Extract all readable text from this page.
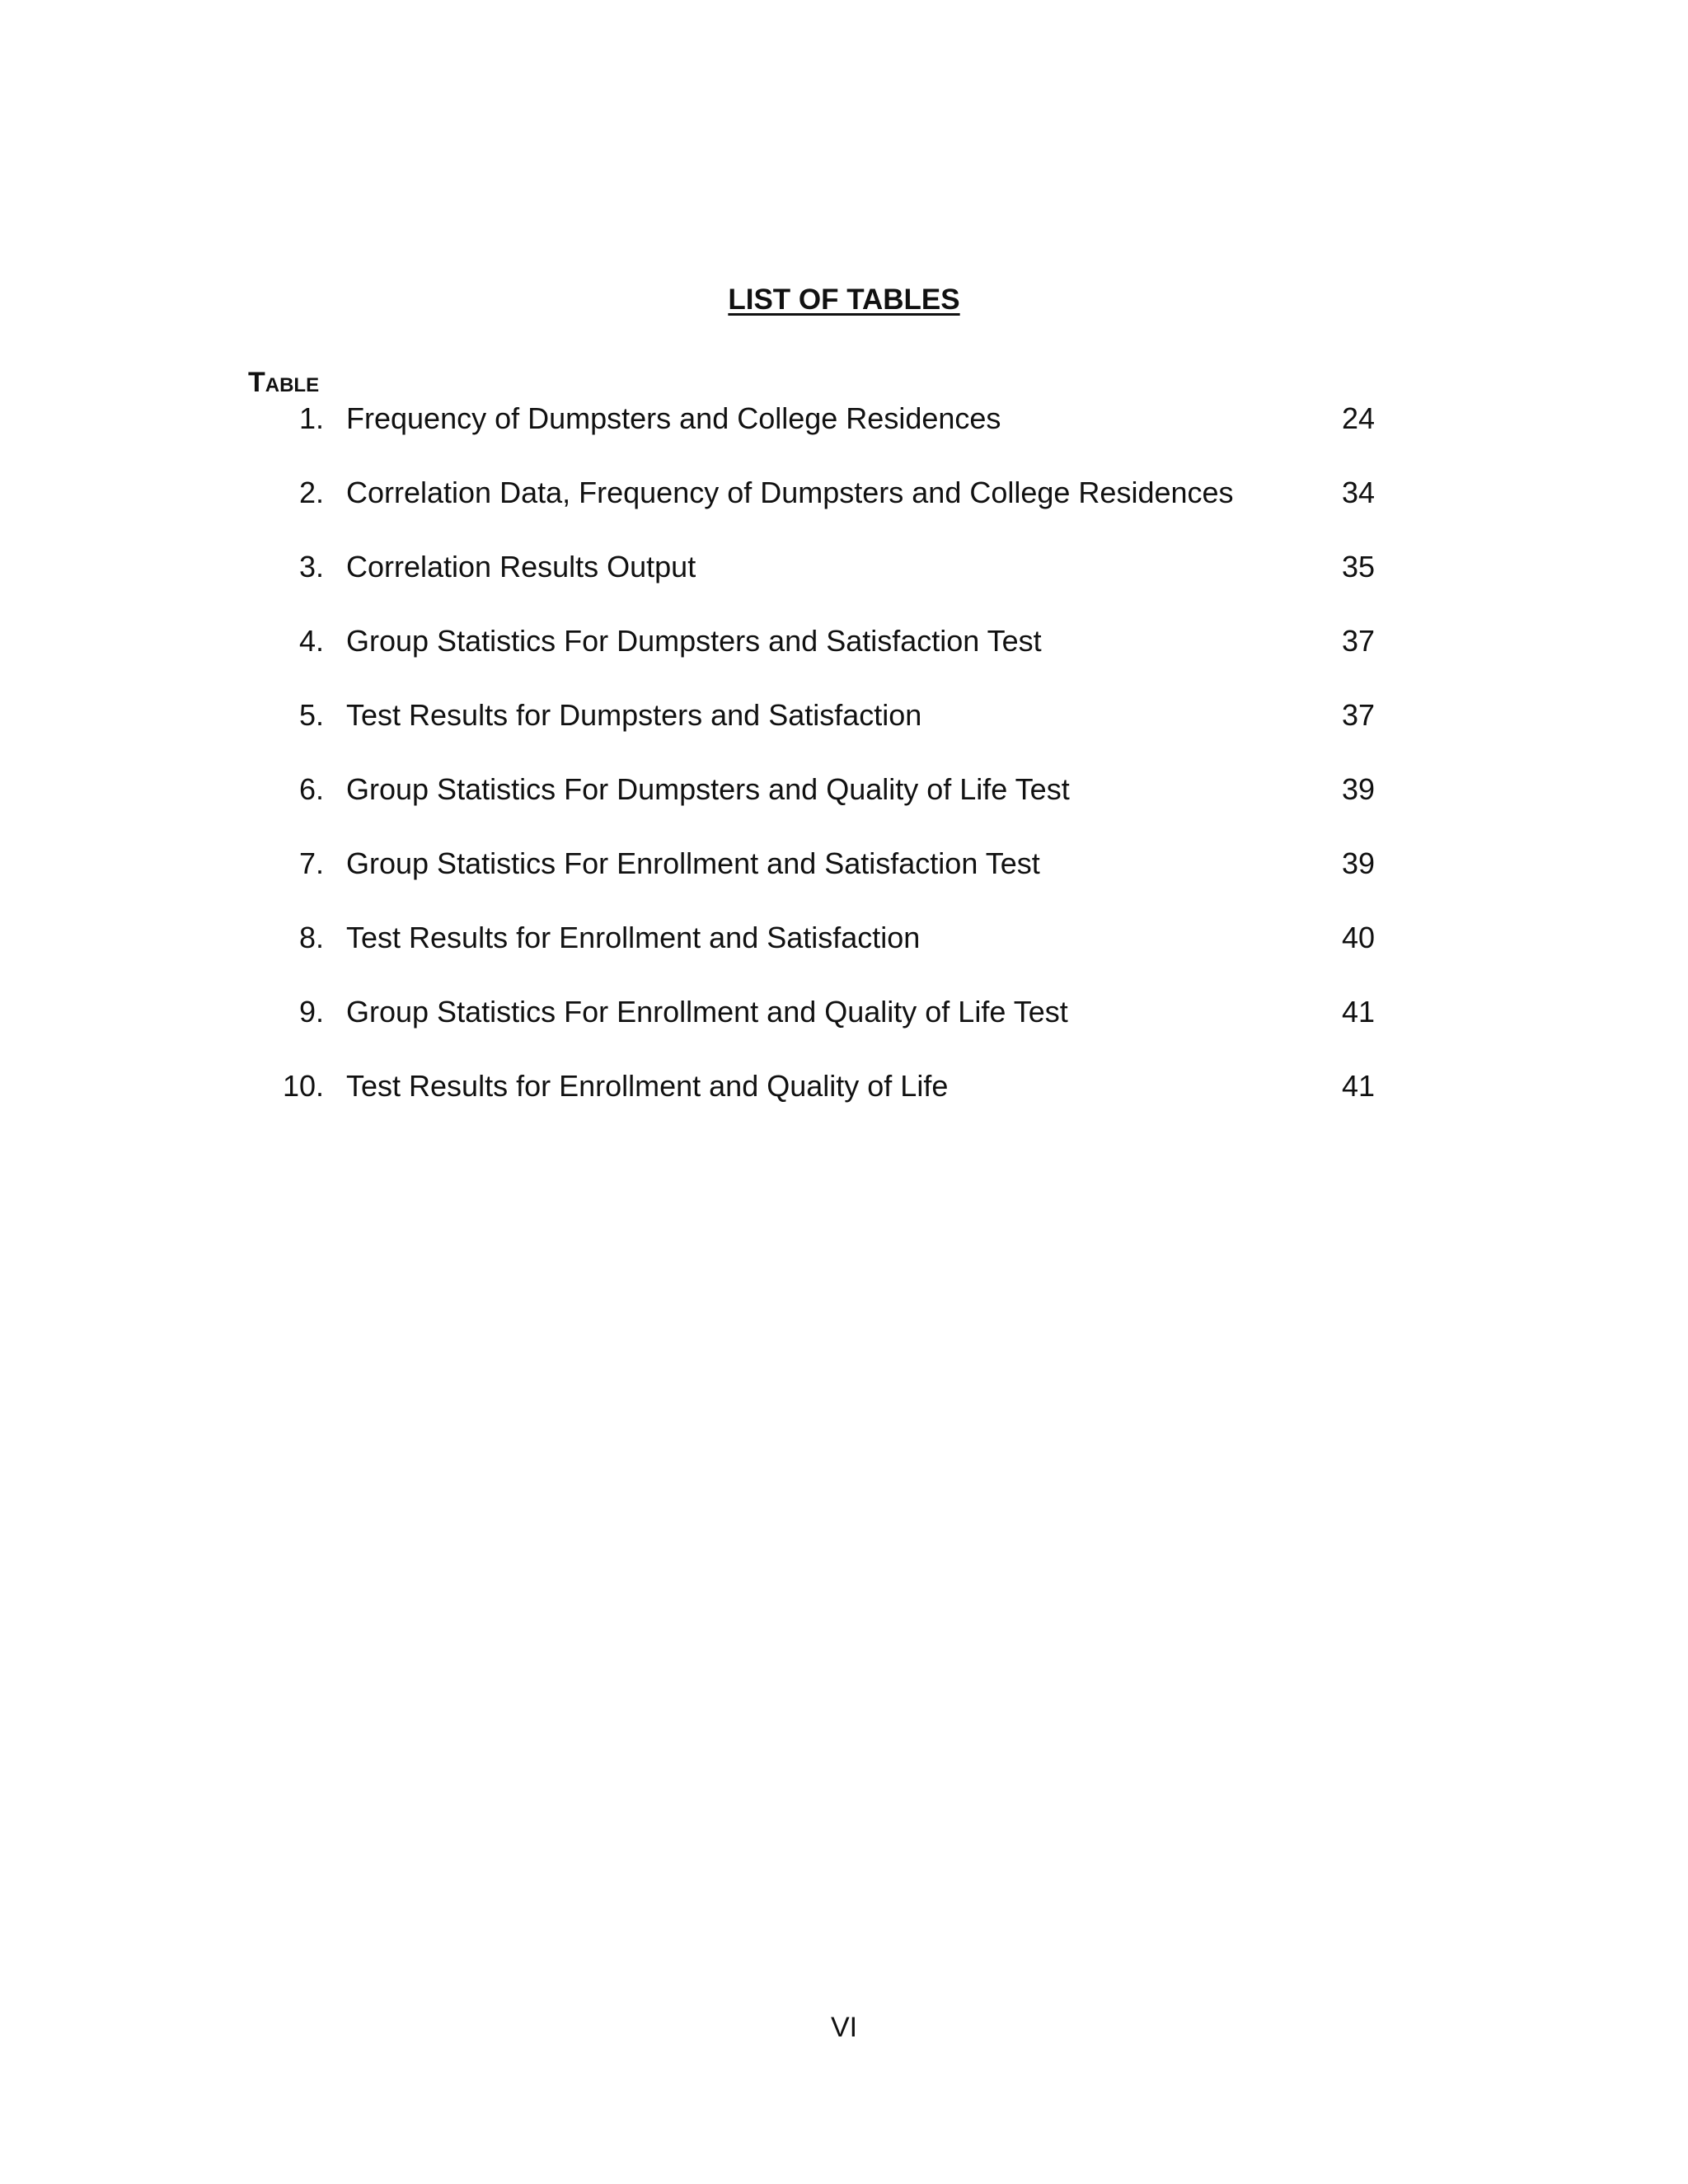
LIST OF TABLES
Table
1. Frequency of Dumpsters and College Residences	24
2. Correlation Data, Frequency of Dumpsters and College Residences	34
3. Correlation Results Output	35
4. Group Statistics For Dumpsters and Satisfaction Test	37
5. Test Results for Dumpsters and Satisfaction	37
6. Group Statistics For Dumpsters and Quality of Life Test	39
7. Group Statistics For Enrollment and Satisfaction Test	39
8. Test Results for Enrollment and Satisfaction	40
9. Group Statistics For Enrollment and Quality of Life Test	41
10. Test Results for Enrollment and Quality of Life	41
VI
